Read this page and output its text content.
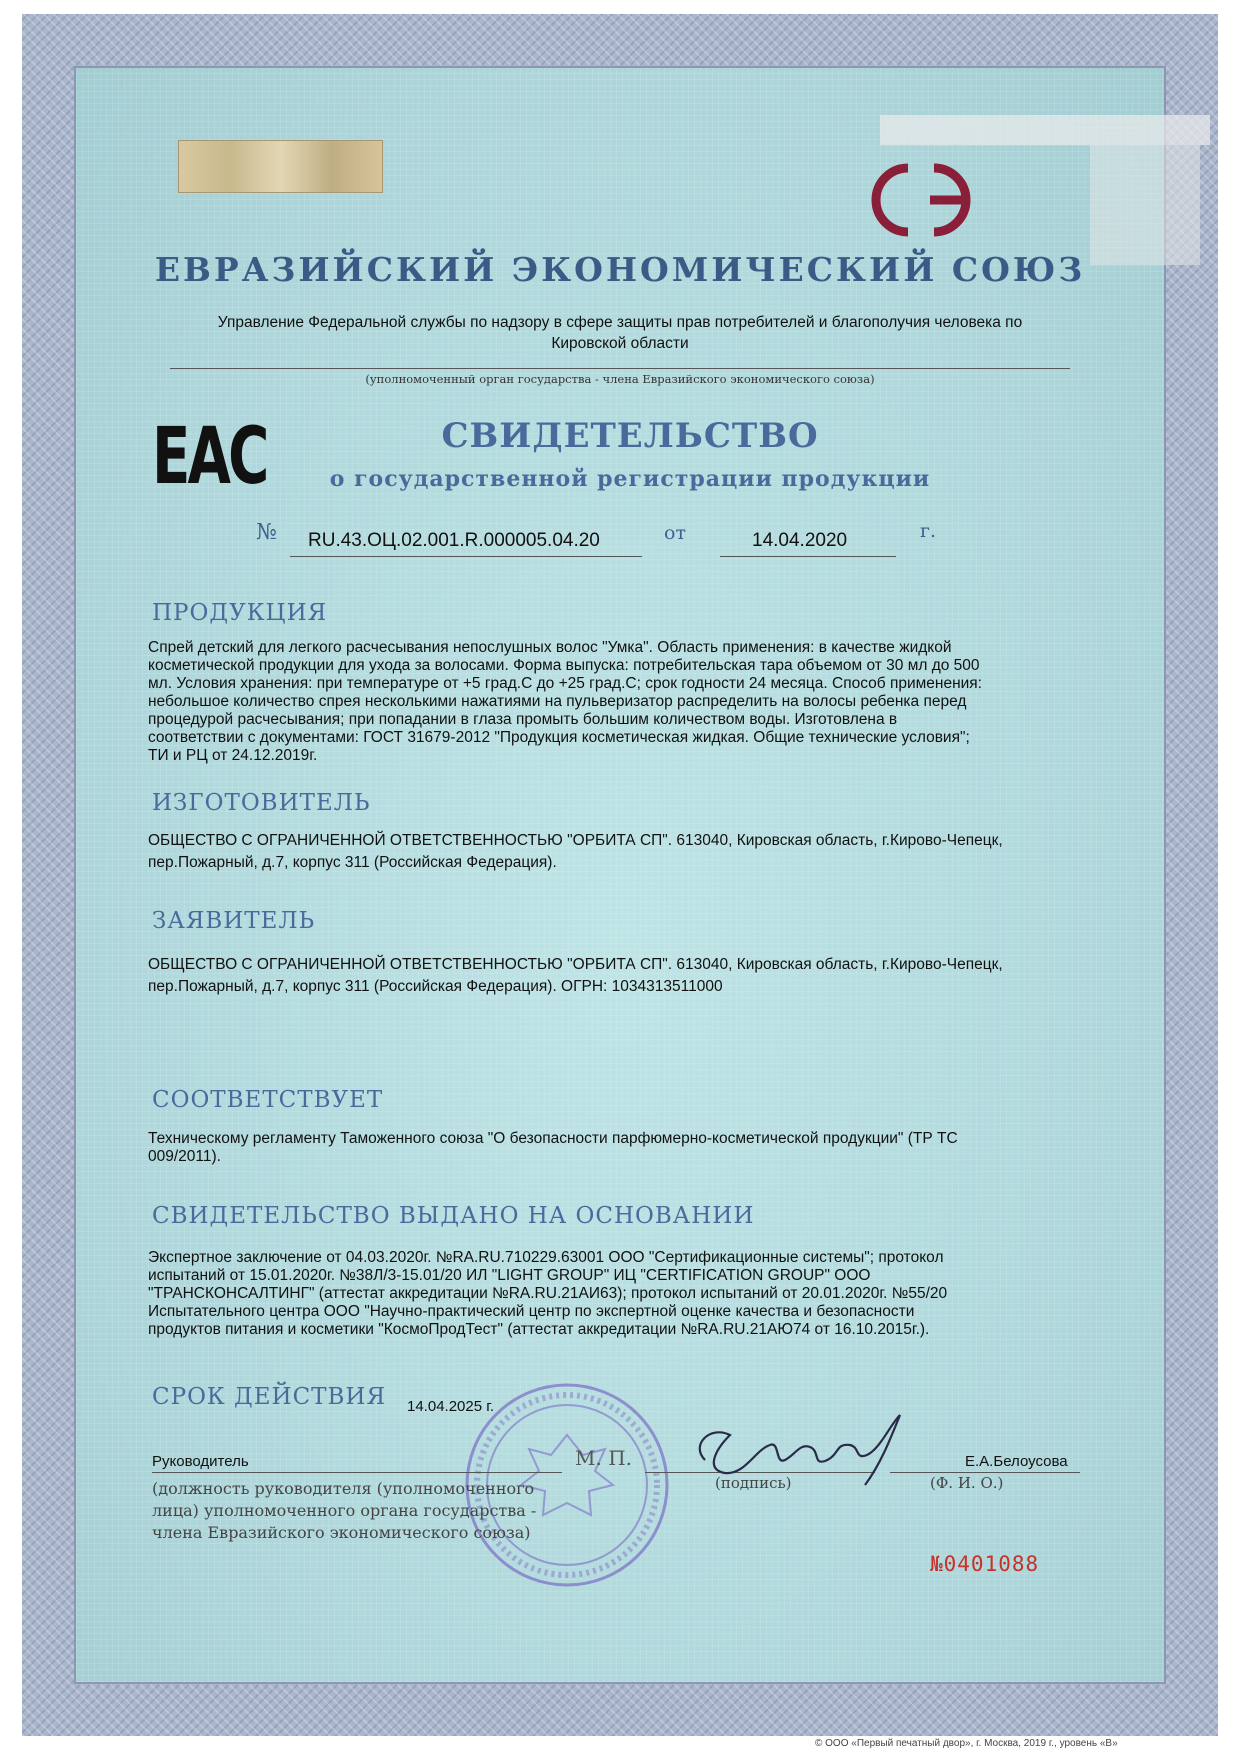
ЕВРАЗИЙСКИЙ ЭКОНОМИЧЕСКИЙ СОЮЗ
Управление Федеральной службы по надзору в сфере защиты прав потребителей и благополучия человека по
Кировской области
(уполномоченный орган государства - члена Евразийского экономического союза)
EAC	СВИДЕТЕЛЬСТВО
о государственной регистрации продукции
№ RU.43.ОЦ.02.001.R.000005.04.20	от	14.04.2020	г.
ПРОДУКЦИЯ
Спрей детский для легкого расчесывания непослушных волос "Умка". Область применения: в качестве жидкой
косметической продукции для ухода за волосами. Форма выпуска: потребительская тара объемом от 30 мл до 500
мл. Условия хранения: при температуре от +5 град.С до +25 град.С; срок годности 24 месяца. Способ применения:
небольшое количество спрея несколькими нажатиями на пульверизатор распределить на волосы ребенка перед
процедурой расчесывания; при попадании в глаза промыть большим количеством воды. Изготовлена в
соответствии с документами: ГОСТ 31679-2012 "Продукция косметическая жидкая. Общие технические условия";
ТИ и РЦ от 24.12.2019г.
ИЗГОТОВИТЕЛЬ
ОБЩЕСТВО С ОГРАНИЧЕННОЙ ОТВЕТСТВЕННОСТЬЮ "ОРБИТА СП". 613040, Кировская область, г.Кирово-Чепецк,
пер.Пожарный, д.7, корпус 311 (Российская Федерация).
ЗАЯВИТЕЛЬ
ОБЩЕСТВО С ОГРАНИЧЕННОЙ ОТВЕТСТВЕННОСТЬЮ "ОРБИТА СП". 613040, Кировская область, г.Кирово-Чепецк,
пер.Пожарный, д.7, корпус 311 (Российская Федерация). ОГРН: 1034313511000
СООТВЕТСТВУЕТ
Техническому регламенту Таможенного союза "О безопасности парфюмерно-косметической продукции" (ТР ТС
009/2011).
СВИДЕТЕЛЬСТВО ВЫДАНО НА ОСНОВАНИИ
Экспертное заключение от 04.03.2020г. №RA.RU.710229.63001 ООО "Сертификационные системы"; протокол
испытаний от 15.01.2020г. №38Л/3-15.01/20 ИЛ "LIGHT GROUP" ИЦ "CERTIFICATION GROUP" ООО
"ТРАНСКОНСАЛТИНГ" (аттестат аккредитации №RA.RU.21АИ63); протокол испытаний от 20.01.2020г. №55/20
Испытательного центра ООО "Научно-практический центр по экспертной оценке качества и безопасности
продуктов питания и косметики "КосмоПродТест" (аттестат аккредитации №RA.RU.21АЮ74 от 16.10.2015г.).
СРОК ДЕЙСТВИЯ 14.04.2025 г.
Руководитель	М. П.
(подпись)
Е.А.Белоусова
(Ф. И. О.)
(должность руководителя (уполномоченного
лица) уполномоченного органа государства -
члена Евразийского экономического союза)
№0401088
© ООО «Первый печатный двор», г. Москва, 2019 г., уровень «В»
